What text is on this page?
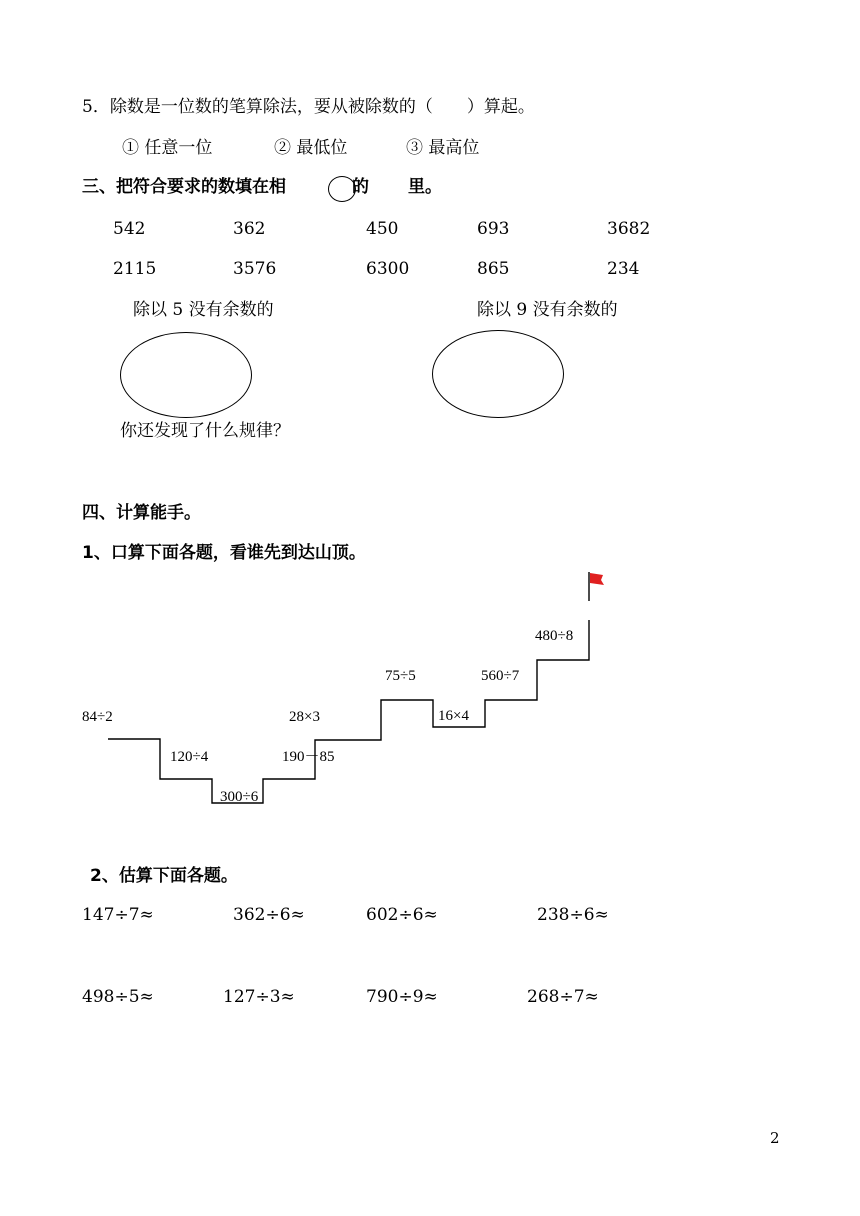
5．除数是一位数的笔算除法，要从被除数的（　　）算起。
① 任意一位	② 最低位	③ 最高位
三、把符合要求的数填在相	的 里。
542	362	450	693	3682
2115	3576	6300	865	234
除以 5 没有余数的	除以 9 没有余数的
你还发现了什么规律？
四、计算能手。
1、口算下面各题，看谁先到达山顶。
84÷2
120÷4
300÷6
190－85
28×3
75÷5
16×4
560÷7
480÷8
2、估算下面各题。
147÷7≈	362÷6≈	602÷6≈	238÷6≈
498÷5≈	127÷3≈	790÷9≈	268÷7≈
2
